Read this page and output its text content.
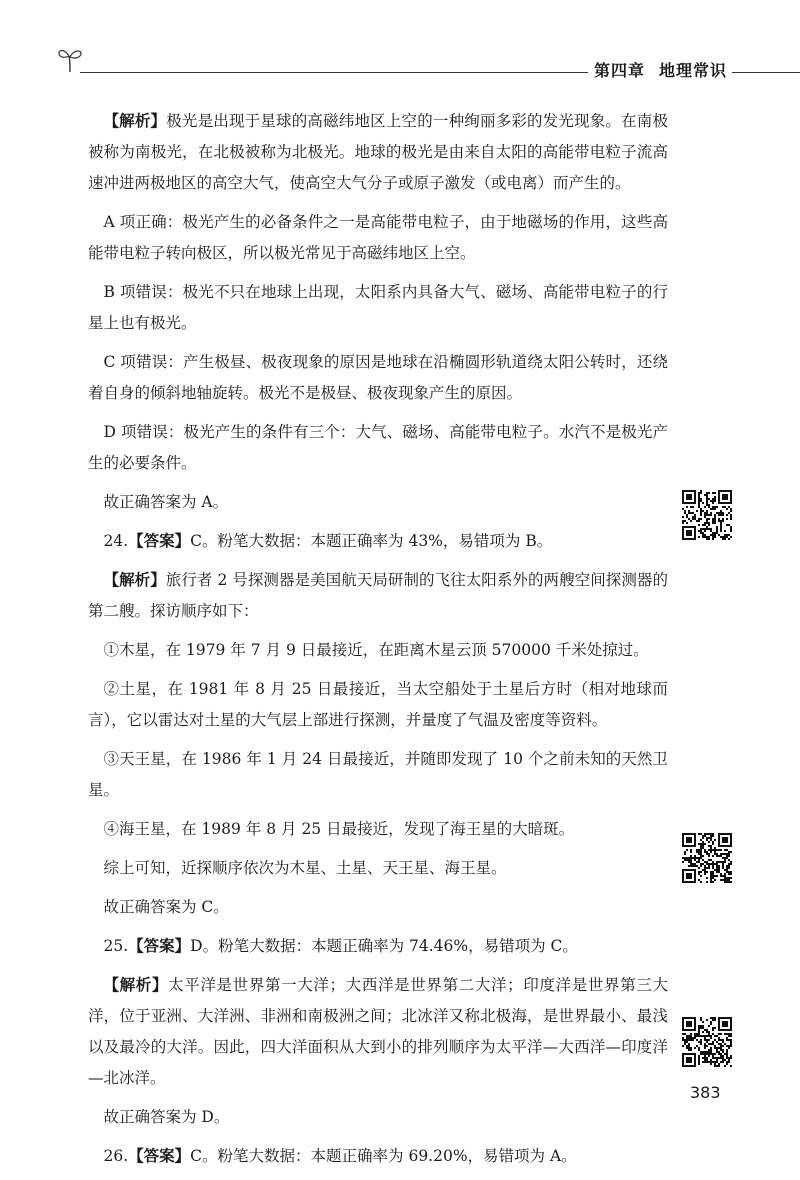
第四章 地理常识

【解析】极光是出现于星球的高磁纬地区上空的一种绚丽多彩的发光现象。在南极被称为南极光，在北极被称为北极光。地球的极光是由来自太阳的高能带电粒子流高速冲进两极地区的高空大气，使高空大气分子或原子激发（或电离）而产生的。

A 项正确：极光产生的必备条件之一是高能带电粒子，由于地磁场的作用，这些高能带电粒子转向极区，所以极光常见于高磁纬地区上空。

B 项错误：极光不只在地球上出现，太阳系内具备大气、磁场、高能带电粒子的行星上也有极光。

C 项错误：产生极昼、极夜现象的原因是地球在沿椭圆形轨道绕太阳公转时，还绕着自身的倾斜地轴旋转。极光不是极昼、极夜现象产生的原因。

D 项错误：极光产生的条件有三个：大气、磁场、高能带电粒子。水汽不是极光产生的必要条件。

故正确答案为 A。

24.【答案】C。粉笔大数据：本题正确率为 43%，易错项为 B。

【解析】旅行者 2 号探测器是美国航天局研制的飞往太阳系外的两艘空间探测器的第二艘。探访顺序如下：

①木星，在 1979 年 7 月 9 日最接近，在距离木星云顶 570000 千米处掠过。

②土星，在 1981 年 8 月 25 日最接近，当太空船处于土星后方时（相对地球而言），它以雷达对土星的大气层上部进行探测，并量度了气温及密度等资料。

③天王星，在 1986 年 1 月 24 日最接近，并随即发现了 10 个之前未知的天然卫星。

④海王星，在 1989 年 8 月 25 日最接近，发现了海王星的大暗斑。

综上可知，近探顺序依次为木星、土星、天王星、海王星。

故正确答案为 C。

25.【答案】D。粉笔大数据：本题正确率为 74.46%，易错项为 C。

【解析】太平洋是世界第一大洋；大西洋是世界第二大洋；印度洋是世界第三大洋，位于亚洲、大洋洲、非洲和南极洲之间；北冰洋又称北极海，是世界最小、最浅以及最冷的大洋。因此，四大洋面积从大到小的排列顺序为太平洋—大西洋—印度洋—北冰洋。

故正确答案为 D。

26.【答案】C。粉笔大数据：本题正确率为 69.20%，易错项为 A。

383
